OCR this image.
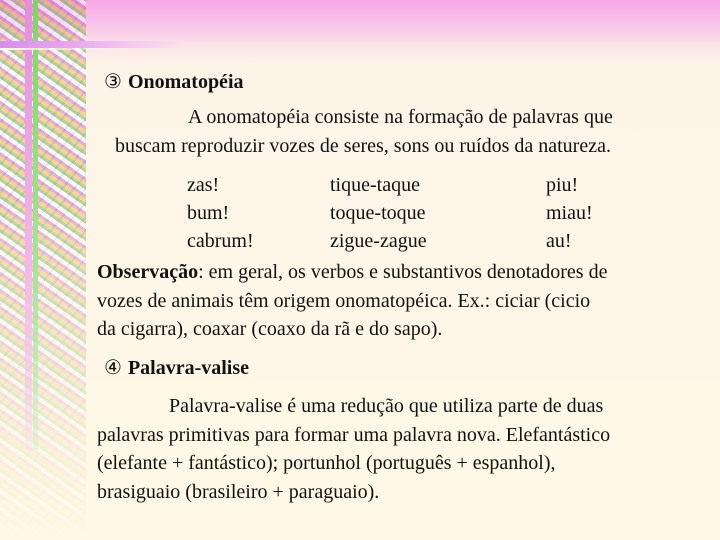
③ Onomatopéia
A onomatopéia consiste na formação de palavras que
buscam reproduzir vozes de seres, sons ou ruídos da natureza.
zas!
bum!
cabrum!
tique-taque
toque-toque
zigue-zague
piu!
miau!
au!
Observação: em geral, os verbos e substantivos denotadores de
vozes de animais têm origem onomatopéica. Ex.: ciciar (cicio
da cigarra), coaxar (coaxo da rã e do sapo).
④ Palavra-valise
Palavra-valise é uma redução que utiliza parte de duas
palavras primitivas para formar uma palavra nova. Elefantástico
(elefante + fantástico); portunhol (português + espanhol),
brasiguaio (brasileiro + paraguaio).
